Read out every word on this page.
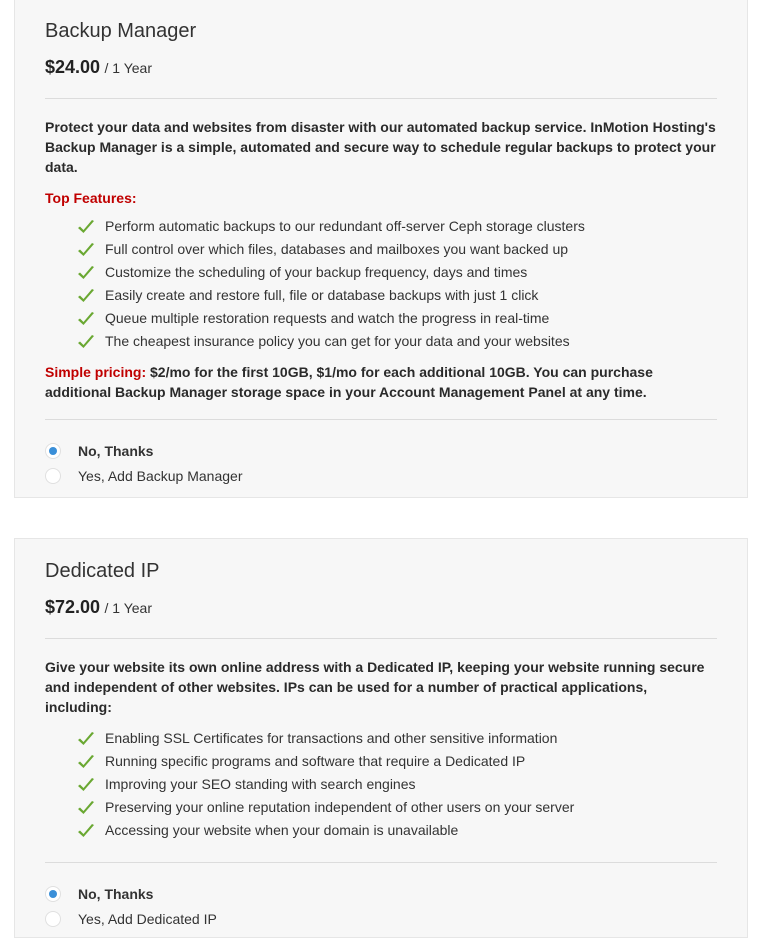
Backup Manager
$24.00 / 1 Year

Protect your data and websites from disaster with our automated backup service. InMotion Hosting's Backup Manager is a simple, automated and secure way to schedule regular backups to protect your data.

Top Features:
Perform automatic backups to our redundant off-server Ceph storage clusters
Full control over which files, databases and mailboxes you want backed up
Customize the scheduling of your backup frequency, days and times
Easily create and restore full, file or database backups with just 1 click
Queue multiple restoration requests and watch the progress in real-time
The cheapest insurance policy you can get for your data and your websites

Simple pricing: $2/mo for the first 10GB, $1/mo for each additional 10GB. You can purchase additional Backup Manager storage space in your Account Management Panel at any time.

No, Thanks
Yes, Add Backup Manager
Dedicated IP
$72.00 / 1 Year

Give your website its own online address with a Dedicated IP, keeping your website running secure and independent of other websites. IPs can be used for a number of practical applications, including:

Enabling SSL Certificates for transactions and other sensitive information
Running specific programs and software that require a Dedicated IP
Improving your SEO standing with search engines
Preserving your online reputation independent of other users on your server
Accessing your website when your domain is unavailable
No, Thanks
Yes, Add Dedicated IP
